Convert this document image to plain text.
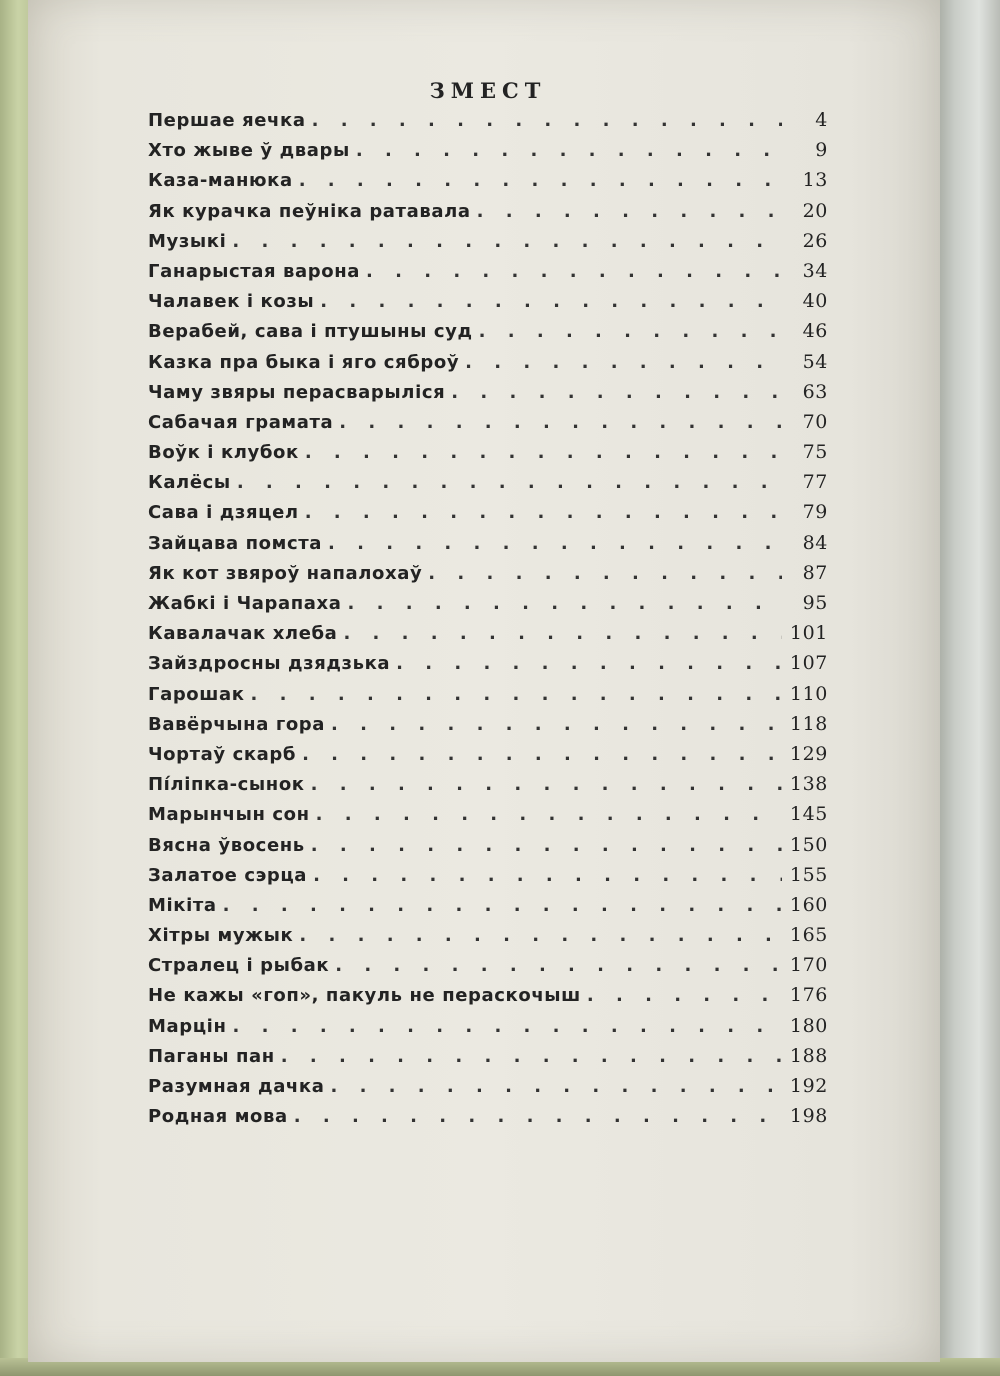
ЗМЕСТ
Першае яечка . . .	4
Хто жыве ў двары . . .	9
Каза-манюка . . .	13
Як курачка пеўніка ратавала . . .	20
Музыкі . . .	26
Ганарыстая варона . . .	34
Чалавек і козы . . .	40
Верабей, сава і птушыны суд . . .	46
Казка пра быка і яго сяброў . . .	54
Чаму звяры перасварыліся . . .	63
Сабачая грамата . . .	70
Воўк і клубок . . .	75
Калёсы . . .	77
Сава і дзяцел . . .	79
Зайцава помста . . .	84
Як кот звяроў напалохаў . . .	87
Жабкі і Чарапаха . . .	95
Кавалачак хлеба . . .	101
Зайздросны дзядзька . . .	107
Гарошак . . .	110
Вавёрчына гора . . .	118
Чортаў скарб . . .	129
Пі́ліпка-сынок . . .	138
Марынчын сон . . .	145
Вясна ўвосень . . .	150
Залатое сэрца . . .	155
Мікіта . . .	160
Хітры мужык . . .	165
Стралец і рыбак . . .	170
Не кажы «гоп», пакуль не пераскочыш . . .	176
Марцін . . .	180
Паганы пан . . .	188
Разумная дачка . . .	192
Родная мова . . .	198
